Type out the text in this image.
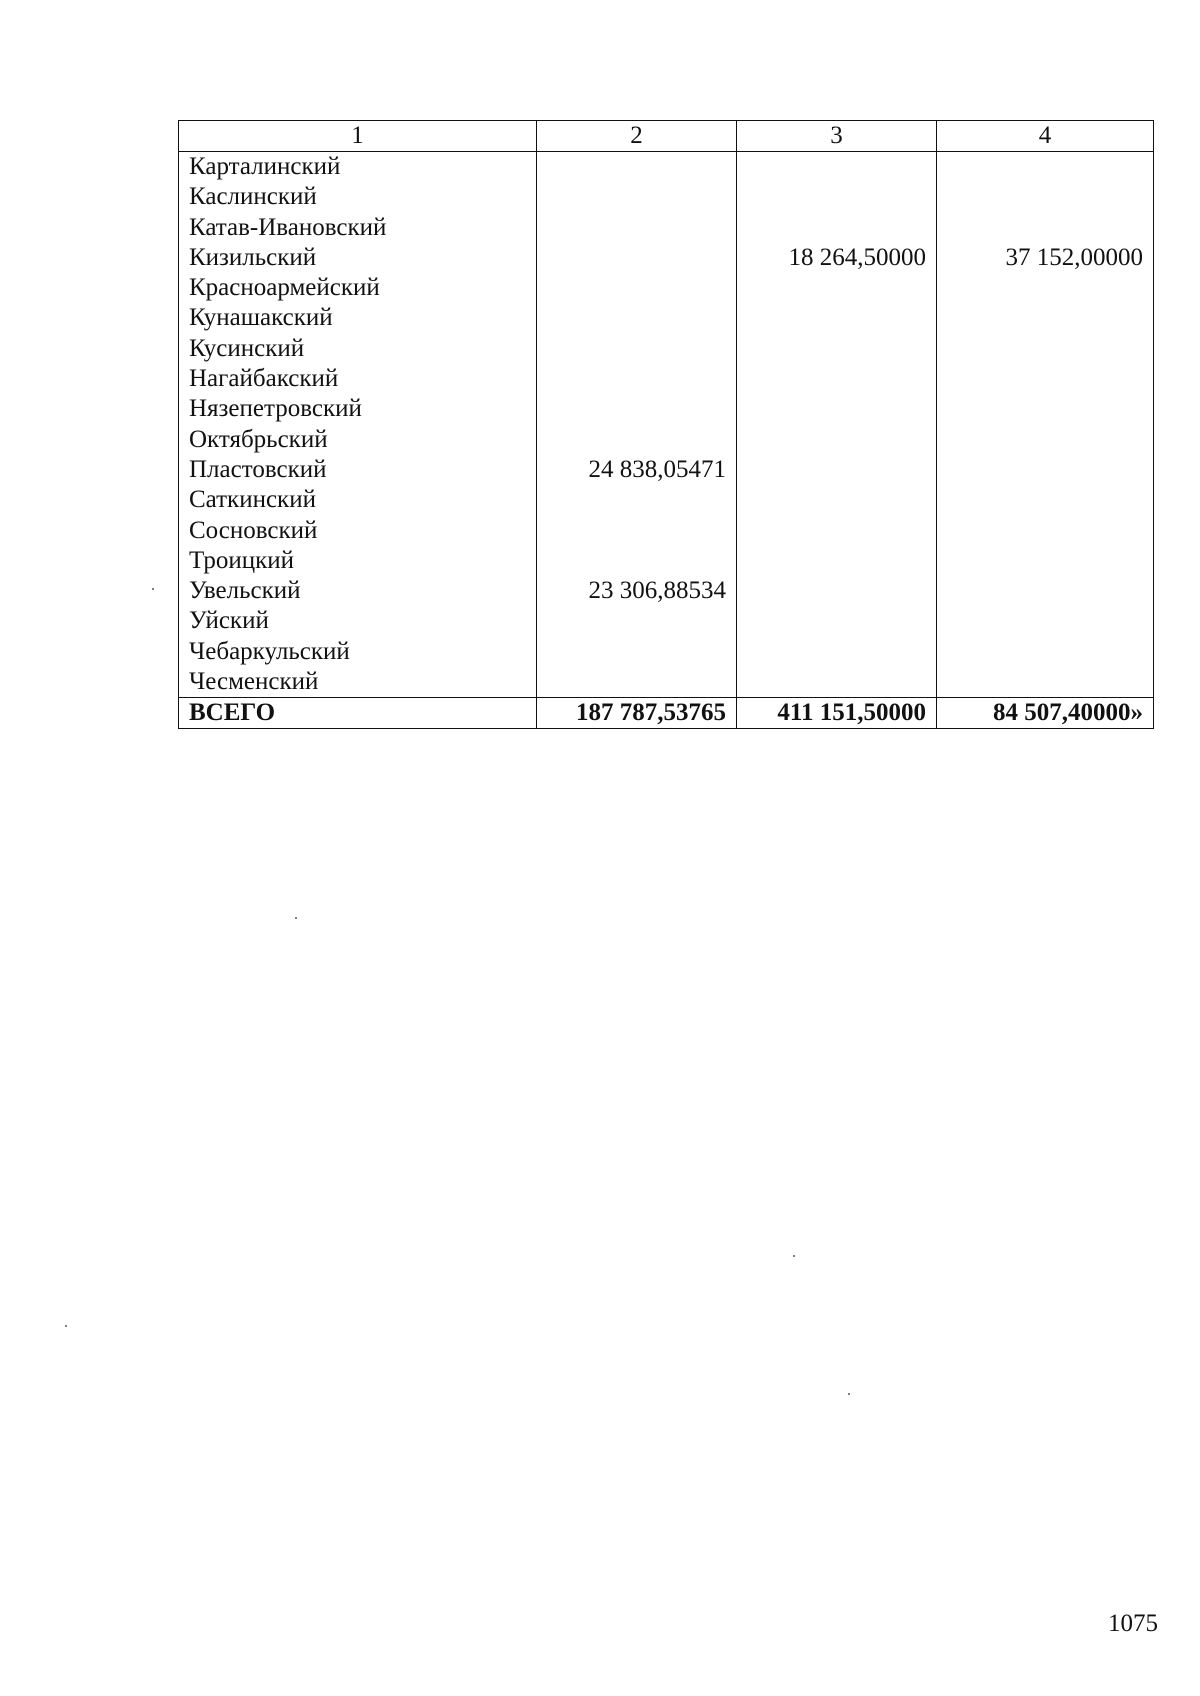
1	2	3	4
Карталинский			
Каслинский			
Катав-Ивановский			
Кизильский		18 264,50000	37 152,00000
Красноармейский			
Кунашакский			
Кусинский			
Нагайбакский			
Нязепетровский			
Октябрьский			
Пластовский	24 838,05471		
Саткинский			
Сосновский			
Троицкий			
Увельский	23 306,88534		
Уйский			
Чебаркульский			
Чесменский			
ВСЕГО	187 787,53765	411 151,50000	84 507,40000»
1075
